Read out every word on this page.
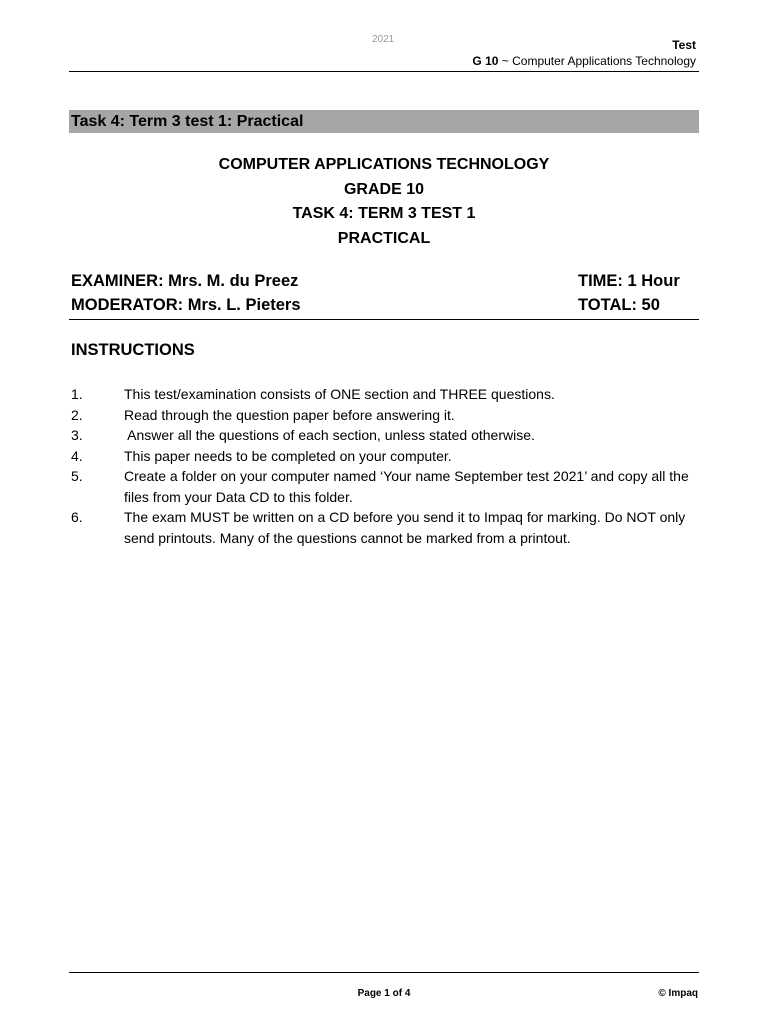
2021	Test
G 10 ~ Computer Applications Technology
Task 4: Term 3 test 1: Practical
COMPUTER APPLICATIONS TECHNOLOGY
GRADE 10
TASK 4: TERM 3 TEST 1
PRACTICAL
EXAMINER: Mrs. M. du Preez	TIME: 1 Hour
MODERATOR: Mrs. L. Pieters	TOTAL: 50
INSTRUCTIONS
1.	This test/examination consists of ONE section and THREE questions.
2.	Read through the question paper before answering it.
3.	Answer all the questions of each section, unless stated otherwise.
4.	This paper needs to be completed on your computer.
5.	Create a folder on your computer named ‘Your name September test 2021’ and copy all the files from your Data CD to this folder.
6.	The exam MUST be written on a CD before you send it to Impaq for marking. Do NOT only send printouts. Many of the questions cannot be marked from a printout.
Page 1 of 4	© Impaq
